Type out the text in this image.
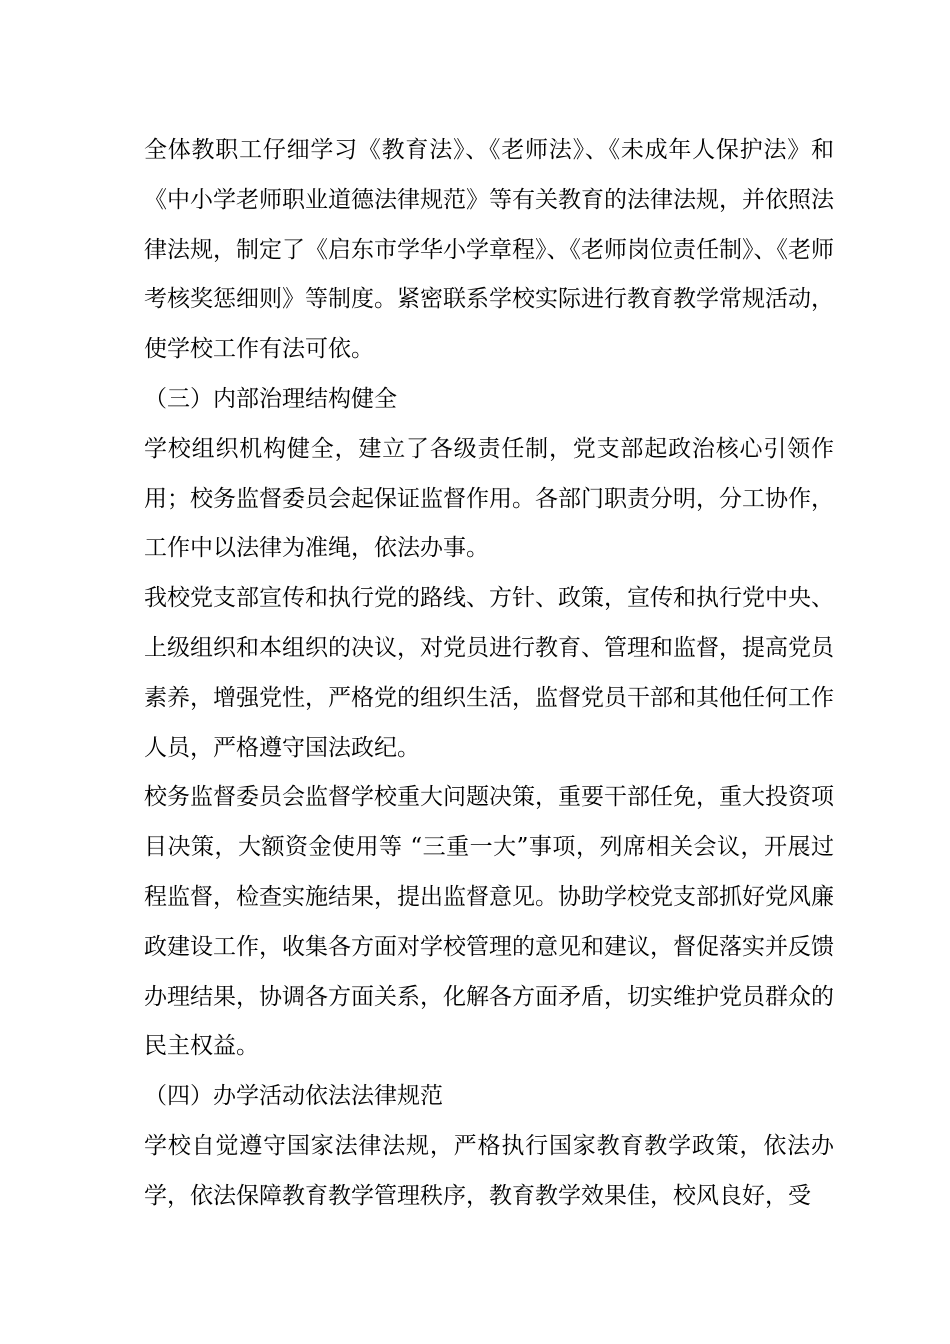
全体教职工仔细学习《教育法》、《老师法》、《未成年人保护法》和《中小学老师职业道德法律规范》等有关教育的法律法规，并依照法律法规，制定了《启东市学华小学章程》、《老师岗位责任制》、《老师考核奖惩细则》等制度。紧密联系学校实际进行教育教学常规活动，使学校工作有法可依。

（三）内部治理结构健全

学校组织机构健全，建立了各级责任制，党支部起政治核心引领作用；校务监督委员会起保证监督作用。各部门职责分明，分工协作，工作中以法律为准绳，依法办事。

我校党支部宣传和执行党的路线、方针、政策，宣传和执行党中央、上级组织和本组织的决议，对党员进行教育、管理和监督，提高党员素养，增强党性，严格党的组织生活，监督党员干部和其他任何工作人员，严格遵守国法政纪。

校务监督委员会监督学校重大问题决策，重要干部任免，重大投资项目决策，大额资金使用等 “三重一大”事项，列席相关会议，开展过程监督，检查实施结果，提出监督意见。协助学校党支部抓好党风廉政建设工作，收集各方面对学校管理的意见和建议，督促落实并反馈办理结果，协调各方面关系，化解各方面矛盾，切实维护党员群众的民主权益。

（四）办学活动依法法律规范

学校自觉遵守国家法律法规，严格执行国家教育教学政策，依法办学，依法保障教育教学管理秩序，教育教学效果佳，校风良好，受
